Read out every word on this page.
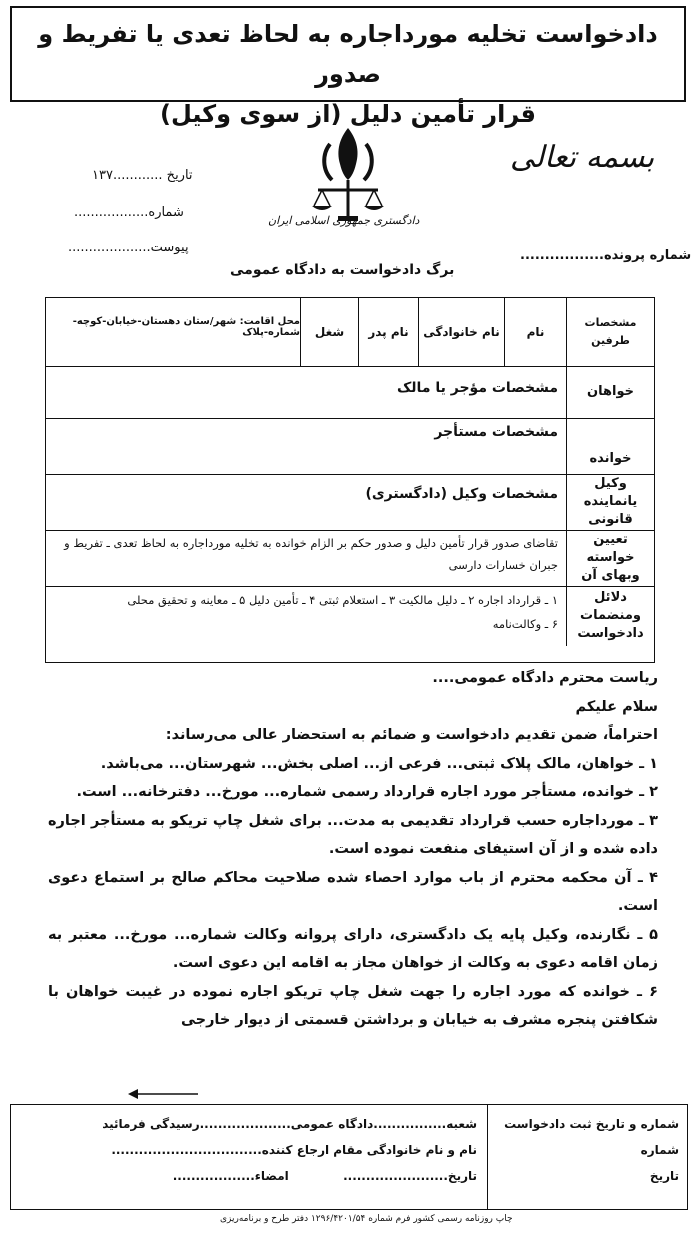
دادخواست تخلیه مورداجاره به لحاظ تعدی یا تفریط و صدور
قرار تأمین دلیل (از سوی وکیل)
بسمه تعالی
دادگستری جمهوری اسلامی ایران
تاریخ ............۱۳۷
شماره..................
پیوست....................
شماره پرونده.................
برگ دادخواست به دادگاه عمومی
مشخصات طرفین
نام
نام خانوادگی
نام پدر
شغل
محل اقامت: شهر/ستان دهستان-خیابان-کوچه-شماره-پلاک
خواهان
مشخصات مؤجر یا مالک
خوانده
مشخصات مستأجر
وکیل یانماینده قانونی
مشخصات وکیل (دادگستری)
تعیین خواسته وبهای آن
تقاضای صدور قرار تأمین دلیل و صدور حکم بر الزام خوانده به تخلیه مورداجاره به لحاظ تعدی ـ تفریط و جبران خسارات دارسی
دلائل ومنضمات دادخواست
۱ ـ قرارداد اجاره ۲ ـ دلیل مالکیت ۳ ـ استعلام ثبتی ۴ ـ تأمین دلیل ۵ ـ معاینه و تحقیق محلی
۶ ـ وکالت‌نامه

ریاست محترم دادگاه عمومی....

سلام علیکم

احتراماً، ضمن تقدیم دادخواست و ضمائم به استحضار عالی می‌رساند:

۱ ـ خواهان، مالک پلاک ثبتی... فرعی از... اصلی بخش... شهرستان... می‌باشد.

۲ ـ خوانده، مستأجر مورد اجاره قرارداد رسمی شماره... مورخ... دفترخانه... است.

۳ ـ مورداجاره حسب قرارداد تقدیمی به مدت... برای شغل چاپ تریکو به مستأجر اجاره داده شده و از آن استیفای منفعت نموده است.

۴ ـ آن محکمه محترم از باب موارد احصاء شده صلاحیت محاکم صالح بر استماع دعوی است.

۵ ـ نگارنده، وکیل پایه یک دادگستری، دارای پروانه وکالت شماره... مورخ... معتبر به زمان اقامه دعوی به وکالت از خواهان مجاز به اقامه این دعوی است.

۶ ـ خوانده که مورد اجاره را جهت شغل چاپ تریکو اجاره نموده در غیبت خواهان با شکافتن پنجره مشرف به خیابان و برداشتن قسمتی از دیوار خارجی

شماره و تاریخ ثبت دادخواست
شماره
تاریخ
شعبه................دادگاه عمومی....................رسیدگی فرمائید
نام و نام خانوادگی مقام ارجاع کننده.................................
تاریخ.......................             امضاء..................
چاپ روزنامه رسمی کشور فرم شماره ۱۲۹۶/۴۲۰۱/۵۴ دفتر طرح و برنامه‌ریزی
